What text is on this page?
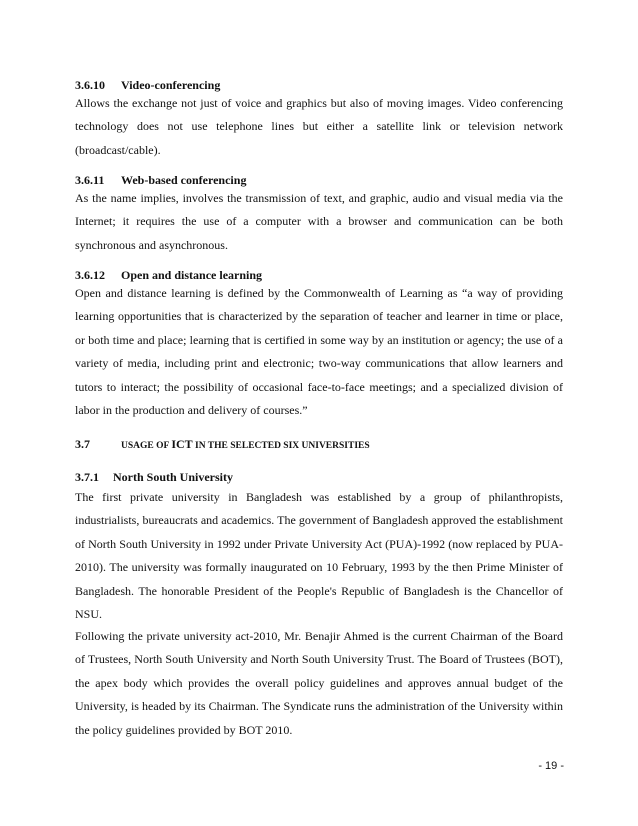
3.6.10 Video-conferencing
Allows the exchange not just of voice and graphics but also of moving images. Video conferencing technology does not use telephone lines but either a satellite link or television network (broadcast/cable).
3.6.11 Web-based conferencing
As the name implies, involves the transmission of text, and graphic, audio and visual media via the Internet; it requires the use of a computer with a browser and communication can be both synchronous and asynchronous.
3.6.12 Open and distance learning
Open and distance learning is defined by the Commonwealth of Learning as “a way of providing learning opportunities that is characterized by the separation of teacher and learner in time or place, or both time and place; learning that is certified in some way by an institution or agency; the use of a variety of media, including print and electronic; two-way communications that allow learners and tutors to interact; the possibility of occasional face-to-face meetings; and a specialized division of labor in the production and delivery of courses.”
3.7	USAGE OF ICT IN THE SELECTED SIX UNIVERSITIES
3.7.1 North South University
The first private university in Bangladesh was established by a group of philanthropists, industrialists, bureaucrats and academics. The government of Bangladesh approved the establishment of North South University in 1992 under Private University Act (PUA)-1992 (now replaced by PUA-2010). The university was formally inaugurated on 10 February, 1993 by the then Prime Minister of Bangladesh. The honorable President of the People's Republic of Bangladesh is the Chancellor of NSU.
Following the private university act-2010, Mr. Benajir Ahmed is the current Chairman of the Board of Trustees, North South University and North South University Trust. The Board of Trustees (BOT), the apex body which provides the overall policy guidelines and approves annual budget of the University, is headed by its Chairman. The Syndicate runs the administration of the University within the policy guidelines provided by BOT 2010.
- 19 -
